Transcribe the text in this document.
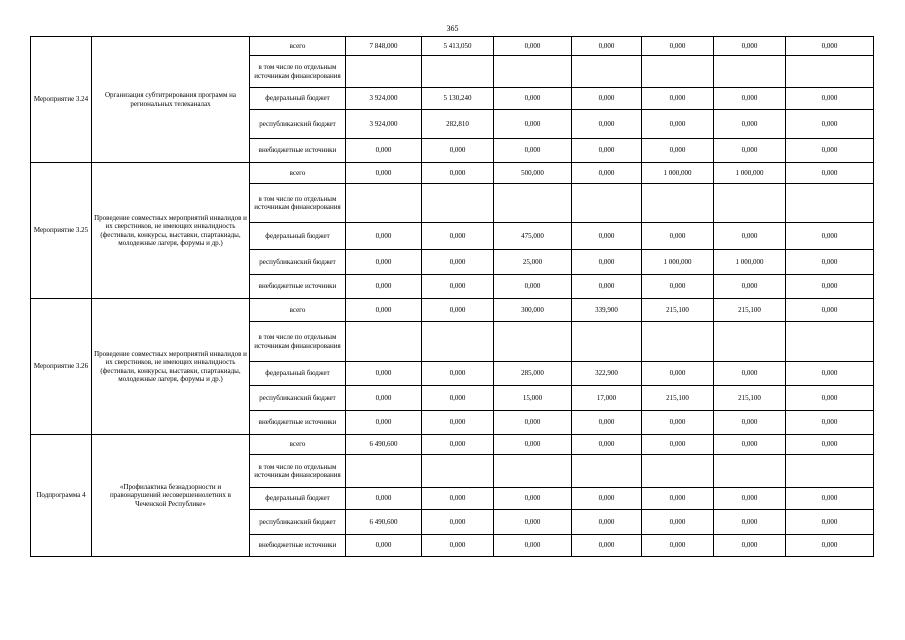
365
Мероприятие 3.24	Организация субтитрирования программ на региональных телеканалах	всего	7 848,000	5 413,050	0,000	0,000	0,000	0,000	0,000
		в том числе по отдельным источникам финансирования							
		федеральный бюджет	3 924,000	5 130,240	0,000	0,000	0,000	0,000	0,000
		республиканский бюджет	3 924,000	282,810	0,000	0,000	0,000	0,000	0,000
		внебюджетные источники	0,000	0,000	0,000	0,000	0,000	0,000	0,000
Мероприятие 3.25	Проведение совместных мероприятий инвалидов и их сверстников, не имеющих инвалидность (фестивали, конкурсы, выставки, спартакиады, молодежные лагеря, форумы и др.)	всего	0,000	0,000	500,000	0,000	1 000,000	1 000,000	0,000
		в том числе по отдельным источникам финансирования							
		федеральный бюджет	0,000	0,000	475,000	0,000	0,000	0,000	0,000
		республиканский бюджет	0,000	0,000	25,000	0,000	1 000,000	1 000,000	0,000
		внебюджетные источники	0,000	0,000	0,000	0,000	0,000	0,000	0,000
Мероприятие 3.26	Проведение совместных мероприятий инвалидов и их сверстников, не имеющих инвалидность (фестивали, конкурсы, выставки, спартакиады, молодежные лагеря, форумы и др.)	всего	0,000	0,000	300,000	339,900	215,100	215,100	0,000
		в том числе по отдельным источникам финансирования							
		федеральный бюджет	0,000	0,000	285,000	322,900	0,000	0,000	0,000
		республиканский бюджет	0,000	0,000	15,000	17,000	215,100	215,100	0,000
		внебюджетные источники	0,000	0,000	0,000	0,000	0,000	0,000	0,000
Подпрограмма 4	«Профилактика безнадзорности и правонарушений несовершеннолетних в Чеченской Республике»	всего	6 490,600	0,000	0,000	0,000	0,000	0,000	0,000
		в том числе по отдельным источникам финансирования							
		федеральный бюджет	0,000	0,000	0,000	0,000	0,000	0,000	0,000
		республиканский бюджет	6 490,600	0,000	0,000	0,000	0,000	0,000	0,000
		внебюджетные источники	0,000	0,000	0,000	0,000	0,000	0,000	0,000
